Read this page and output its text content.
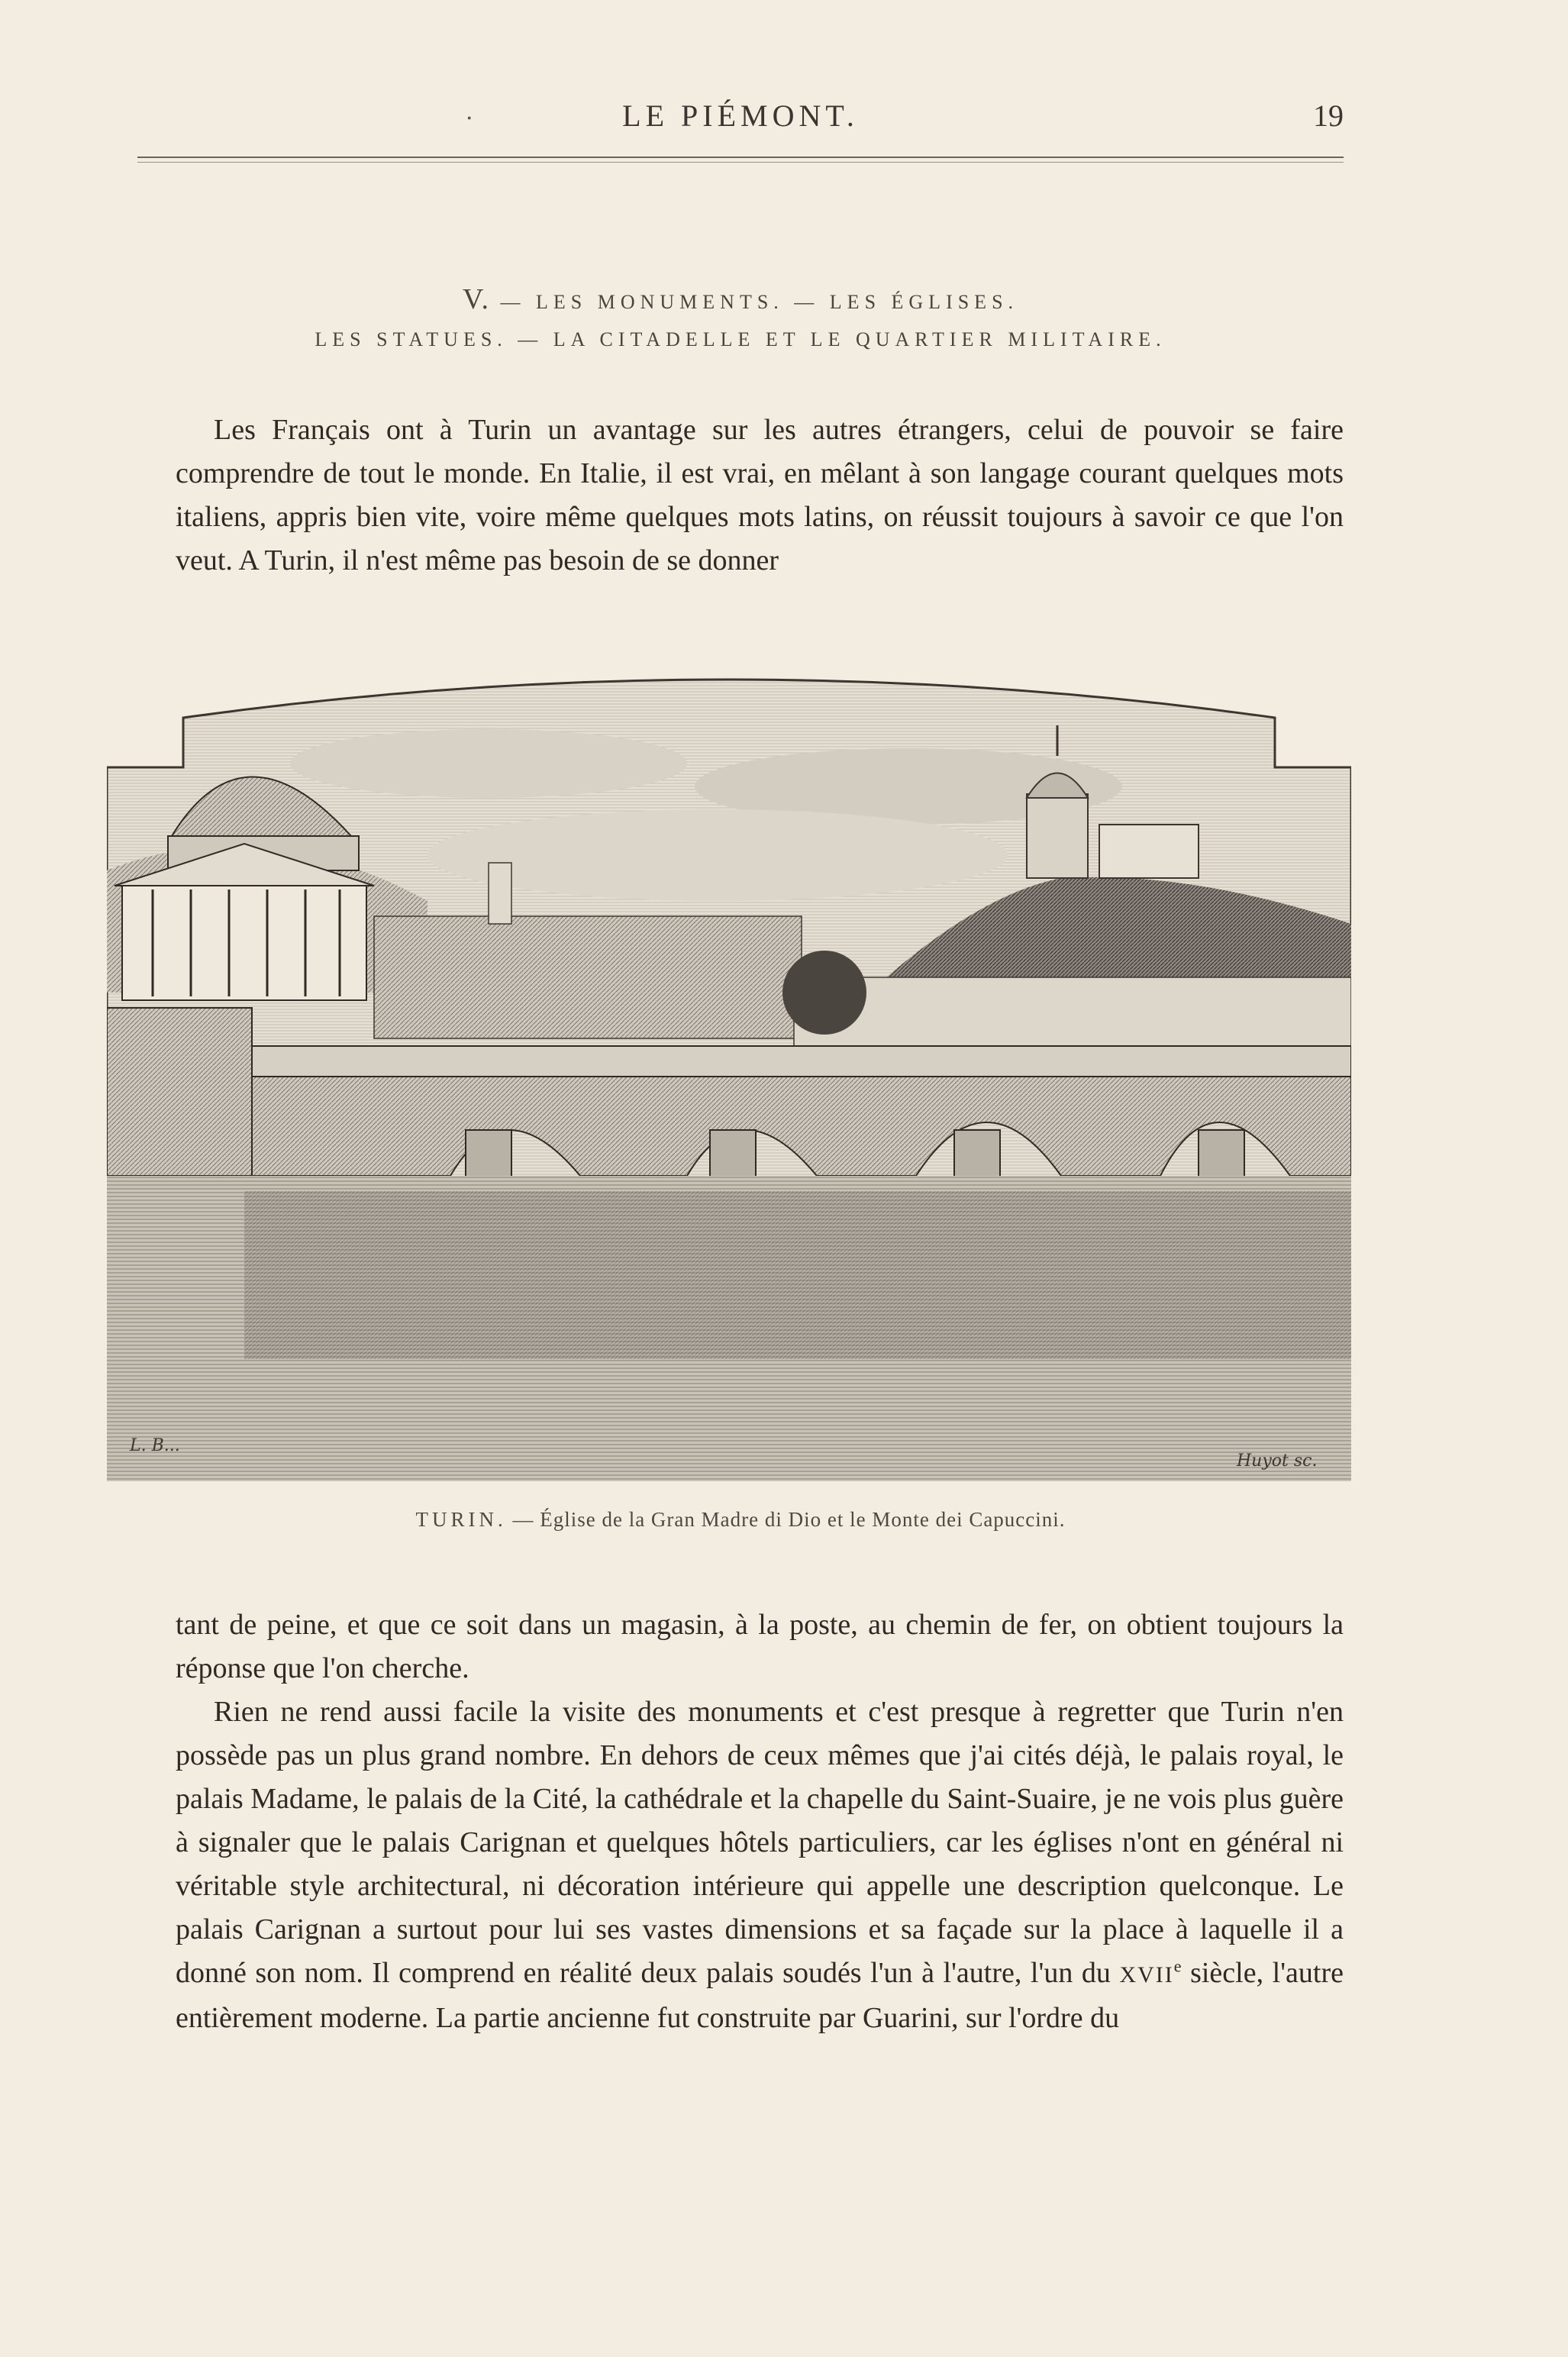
·	LE PIÉMONT.	19
V. — LES MONUMENTS. — LES ÉGLISES.
LES STATUES. — LA CITADELLE ET LE QUARTIER MILITAIRE.

Les Français ont à Turin un avantage sur les autres étrangers, celui de pouvoir se faire comprendre de tout le monde. En Italie, il est vrai, en mêlant à son langage courant quelques mots italiens, appris bien vite, voire même quelques mots latins, on réussit toujours à savoir ce que l'on veut. A Turin, il n'est même pas besoin de se donner

L. B...
Huyot sc.
TURIN. — Église de la Gran Madre di Dio et le Monte dei Capuccini.

tant de peine, et que ce soit dans un magasin, à la poste, au chemin de fer, on obtient toujours la réponse que l'on cherche.

Rien ne rend aussi facile la visite des monuments et c'est presque à regretter que Turin n'en possède pas un plus grand nombre. En dehors de ceux mêmes que j'ai cités déjà, le palais royal, le palais Madame, le palais de la Cité, la cathédrale et la chapelle du Saint-Suaire, je ne vois plus guère à signaler que le palais Carignan et quelques hôtels particuliers, car les églises n'ont en général ni véritable style architectural, ni décoration intérieure qui appelle une description quelconque. Le palais Carignan a surtout pour lui ses vastes dimensions et sa façade sur la place à laquelle il a donné son nom. Il comprend en réalité deux palais soudés l'un à l'autre, l'un du XVIIe siècle, l'autre entièrement moderne. La partie ancienne fut construite par Guarini, sur l'ordre du
